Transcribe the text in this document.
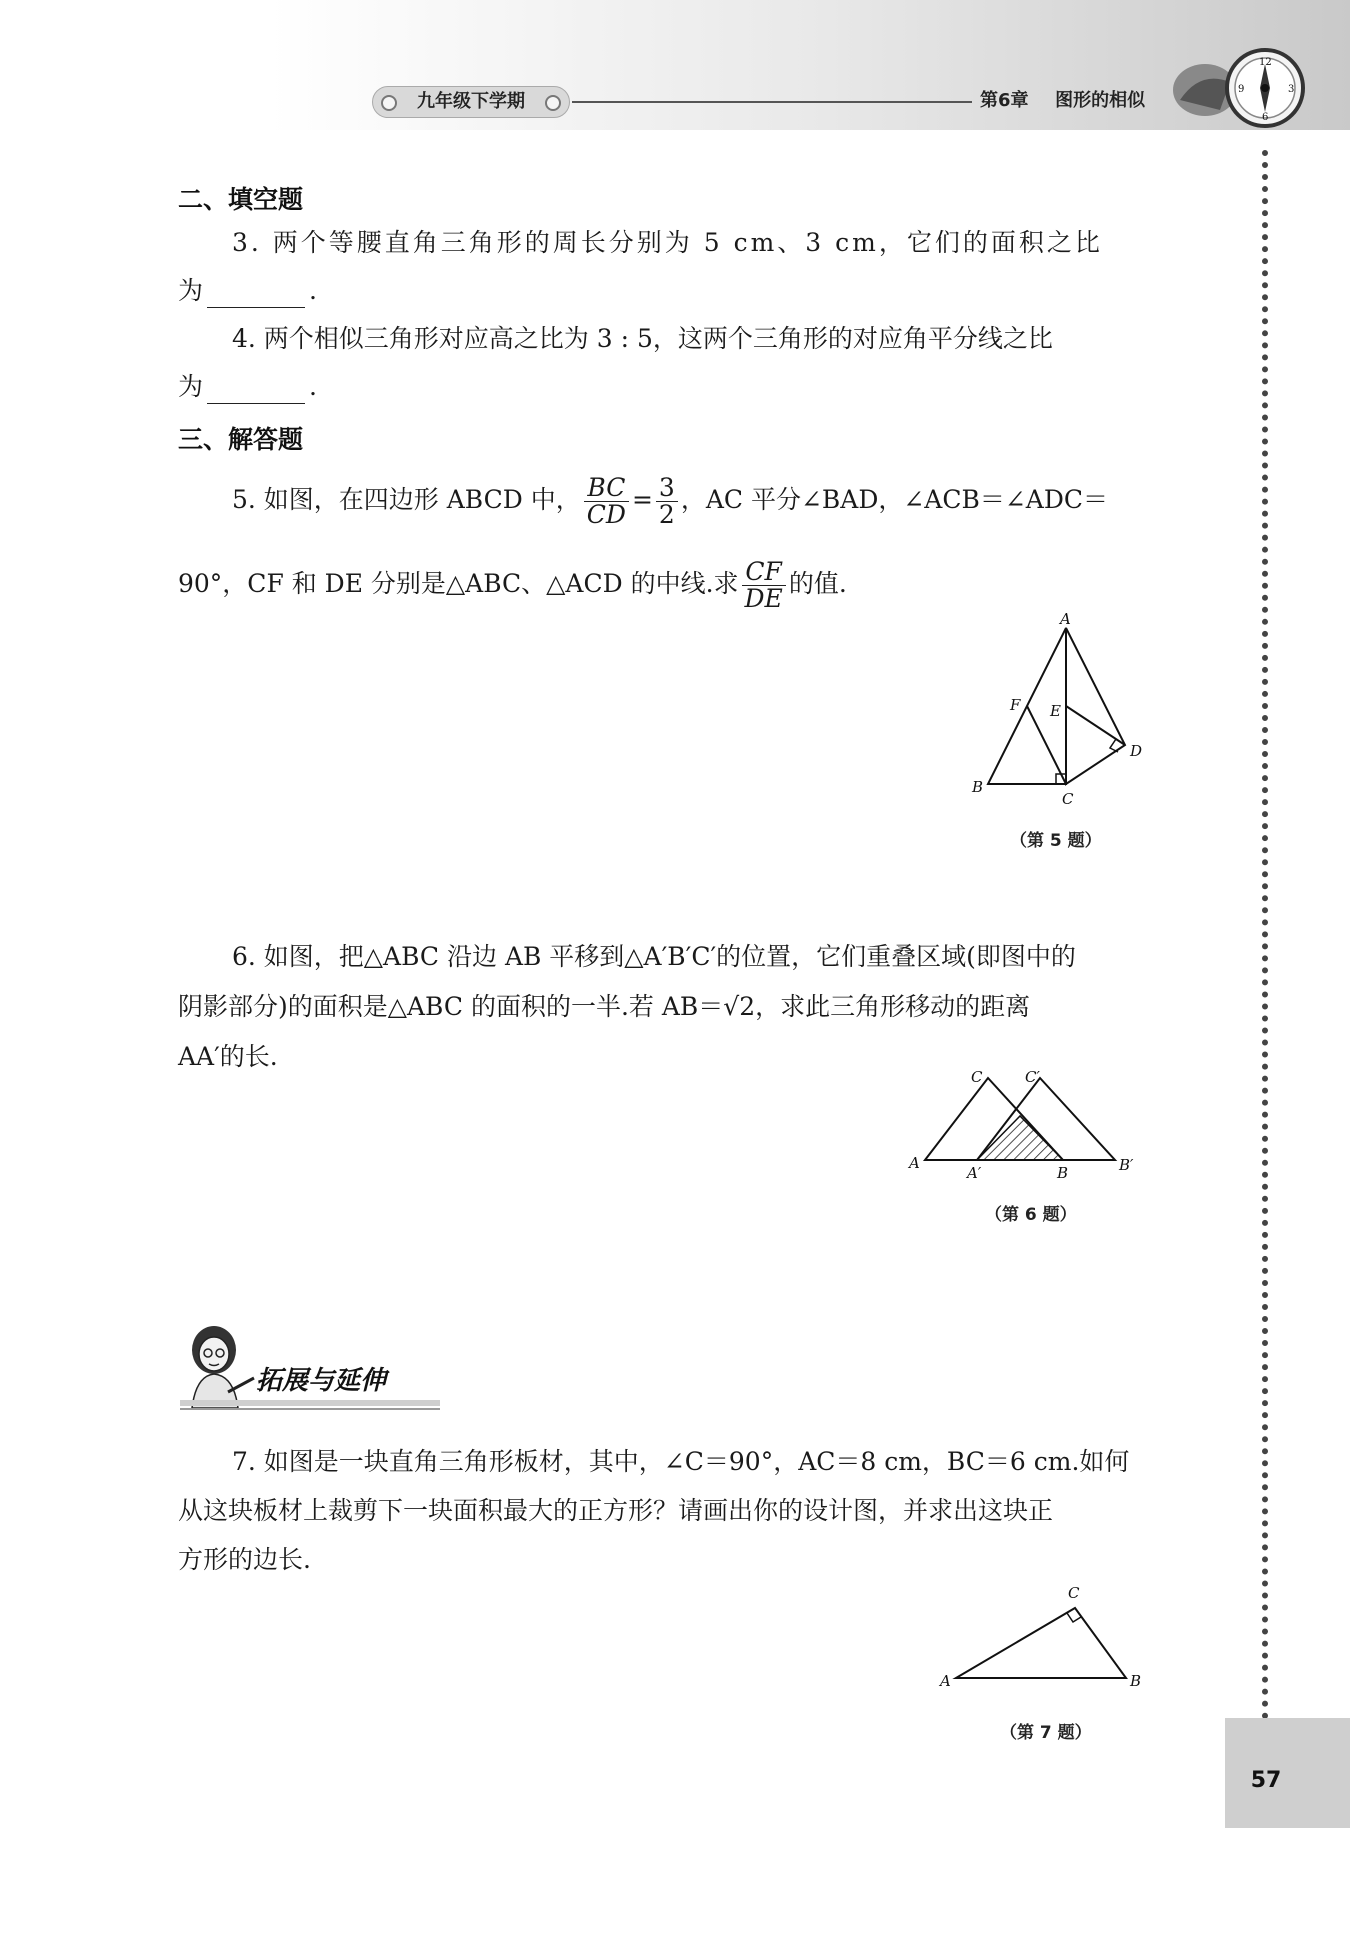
九年级下学期	第6章 图形的相似
12
3
6
9
57
二、填空题
3. 两个等腰直角三角形的周长分别为 5 cm、3 cm，它们的面积之比
为	.
4. 两个相似三角形对应高之比为 3 : 5，这两个三角形的对应角平分线之比
为	.
三、解答题
5. 如图，在四边形 ABCD 中， $\frac{BC}{CD} = \frac{3}{2}$ ，AC 平分∠BAD，∠ACB＝∠ADC＝
90°，CF 和 DE 分别是△ABC、△ACD 的中线.求 $\frac{CF}{DE}$ 的值.
A
B
C
D
E
F
（第 5 题）
6. 如图，把△ABC 沿边 AB 平移到△A′B′C′的位置，它们重叠区域(即图中的
阴影部分)的面积是△ABC 的面积的一半.若 AB＝√2，求此三角形移动的距离
AA′的长.
A
A′	B	B′
C	C′
（第 6 题）
拓展与延伸
7. 如图是一块直角三角形板材，其中，∠C＝90°，AC＝8 cm，BC＝6 cm.如何
从这块板材上裁剪下一块面积最大的正方形？请画出你的设计图，并求出这块正
方形的边长.
A	B
C
（第 7 题）
